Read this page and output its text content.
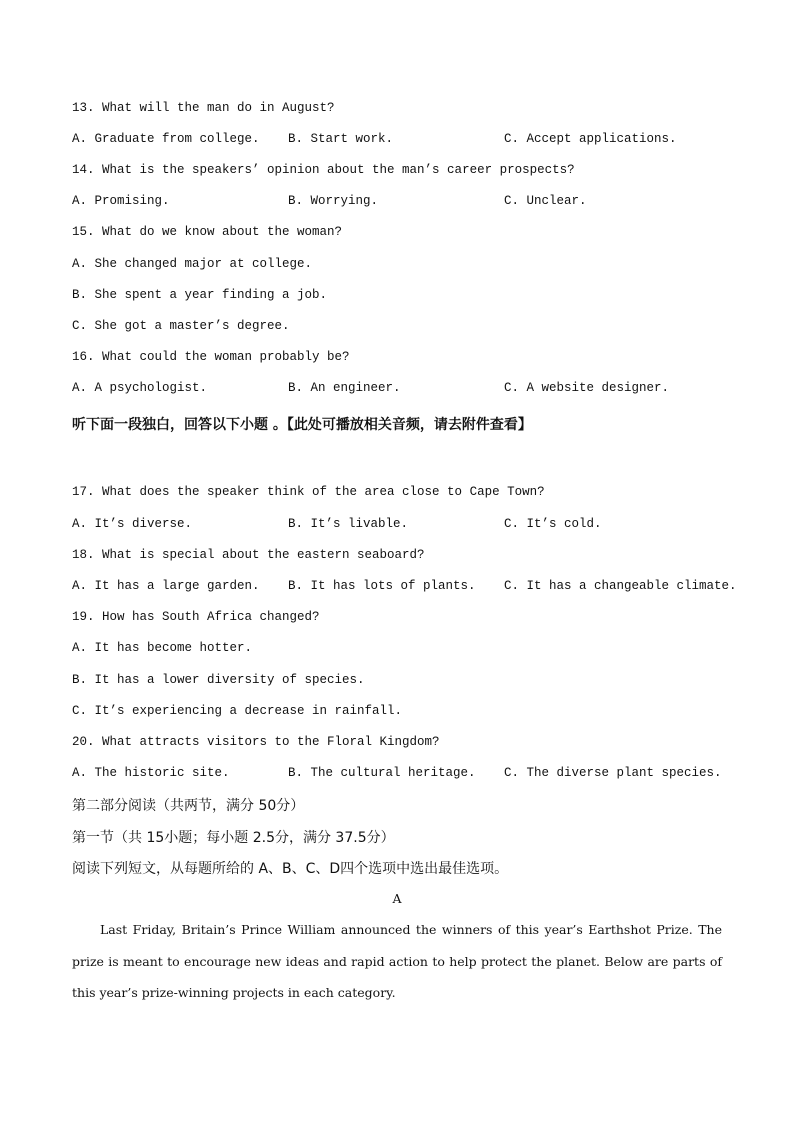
13. What will the man do in August?
A. Graduate from college. B. Start work.	C. Accept applications.
14. What is the speakers’ opinion about the man’s career prospects?
A. Promising.	B. Worrying.	C. Unclear.
15. What do we know about the woman?
A. She changed major at college.
B. She spent a year finding a job.
C. She got a master’s degree.
16. What could the woman probably be?
A. A psychologist.	B. An engineer.	C. A website designer.
听下面一段独白，回答以下小题 。【此处可播放相关音频，请去附件查看】
17. What does the speaker think of the area close to Cape Town?
A. It’s diverse.	B. It’s livable.	C. It’s cold.
18. What is special about the eastern seaboard?
A. It has a large garden. B. It has lots of plants. C. It has a changeable climate.
19. How has South Africa changed?
A. It has become hotter.
B. It has a lower diversity of species.
C. It’s experiencing a decrease in rainfall.
20. What attracts visitors to the Floral Kingdom?
A. The historic site.	B. The cultural heritage. C. The diverse plant species.
第二部分阅读（共两节，满分 50分）
第一节（共 15小题；每小题 2.5分，满分 37.5分）
阅读下列短文，从每题所给的 A、B、C、D四个选项中选出最佳选项。
A
Last Friday, Britain’s Prince William announced the winners of this year’s Earthshot Prize. The prize is meant to encourage new ideas and rapid action to help protect the planet. Below are parts of this year’s prize-winning projects in each category.
